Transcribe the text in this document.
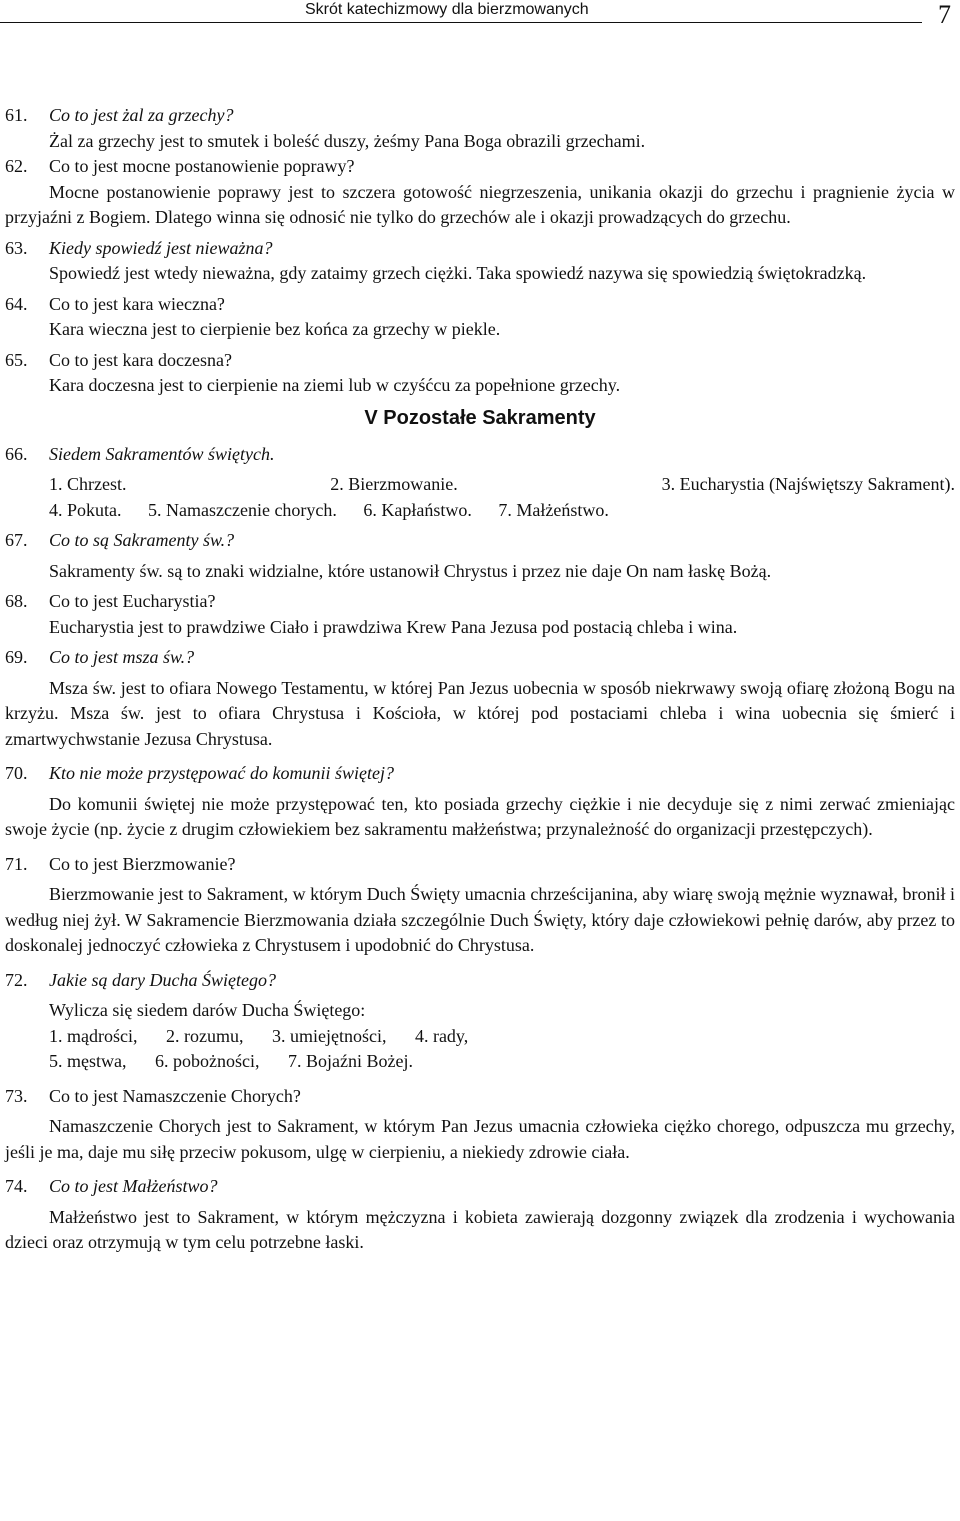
Skrót katechizmowy dla bierzmowanych	7

61. Co to jest żal za grzechy?

Żal za grzechy jest to smutek i boleść duszy, żeśmy Pana Boga obrazili grzechami.

62. Co to jest mocne postanowienie poprawy?

Mocne postanowienie poprawy jest to szczera gotowość niegrzeszenia, unikania okazji do grzechu i pragnienie życia w przyjaźni z Bogiem. Dlatego winna się odnosić nie tylko do grzechów ale i okazji prowadzących do grzechu.

63. Kiedy spowiedź jest nieważna?

Spowiedź jest wtedy nieważna, gdy zataimy grzech ciężki. Taka spowiedź nazywa się spowiedzią świętokradzką.

64. Co to jest kara wieczna?

Kara wieczna jest to cierpienie bez końca za grzechy w piekle.

65. Co to jest kara doczesna?

Kara doczesna jest to cierpienie na ziemi lub w czyśćcu za popełnione grzechy.

V Pozostałe Sakramenty

66. Siedem Sakramentów świętych.

1. Chrzest.	2. Bierzmowanie.	3. Eucharystia (Najświętszy Sakrament).

4. Pokuta. 5. Namaszczenie chorych. 6. Kapłaństwo. 7. Małżeństwo.

67. Co to są Sakramenty św.?

Sakramenty św. są to znaki widzialne, które ustanowił Chrystus i przez nie daje On nam łaskę Bożą.

68. Co to jest Eucharystia?

Eucharystia jest to prawdziwe Ciało i prawdziwa Krew Pana Jezusa pod postacią chleba i wina.

69. Co to jest msza św.?

Msza św. jest to ofiara Nowego Testamentu, w której Pan Jezus uobecnia w sposób niekrwawy swoją ofiarę złożoną Bogu na krzyżu. Msza św. jest to ofiara Chrystusa i Kościoła, w której pod postaciami chleba i wina uobecnia się śmierć i zmartwychwstanie Jezusa Chrystusa.

70. Kto nie może przystępować do komunii świętej?

Do komunii świętej nie może przystępować ten, kto posiada grzechy ciężkie i nie decyduje się z nimi zerwać zmieniając swoje życie (np. życie z drugim człowiekiem bez sakramentu małżeństwa; przynależność do organizacji przestępczych).

71. Co to jest Bierzmowanie?

Bierzmowanie jest to Sakrament, w którym Duch Święty umacnia chrześcijanina, aby wiarę swoją mężnie wyznawał, bronił i według niej żył. W Sakramencie Bierzmowania działa szczególnie Duch Święty, który daje człowiekowi pełnię darów, aby przez to doskonalej jednoczyć człowieka z Chrystusem i upodobnić do Chrystusa.

72. Jakie są dary Ducha Świętego?

Wylicza się siedem darów Ducha Świętego:

1. mądrości, 2. rozumu, 3. umiejętności, 4. rady,

5. męstwa, 6. pobożności, 7. Bojaźni Bożej.

73. Co to jest Namaszczenie Chorych?

Namaszczenie Chorych jest to Sakrament, w którym Pan Jezus umacnia człowieka ciężko chorego, odpuszcza mu grzechy, jeśli je ma, daje mu siłę przeciw pokusom, ulgę w cierpieniu, a niekiedy zdrowie ciała.

74. Co to jest Małżeństwo?

Małżeństwo jest to Sakrament, w którym mężczyzna i kobieta zawierają dozgonny związek dla zrodzenia i wychowania dzieci oraz otrzymują w tym celu potrzebne łaski.
